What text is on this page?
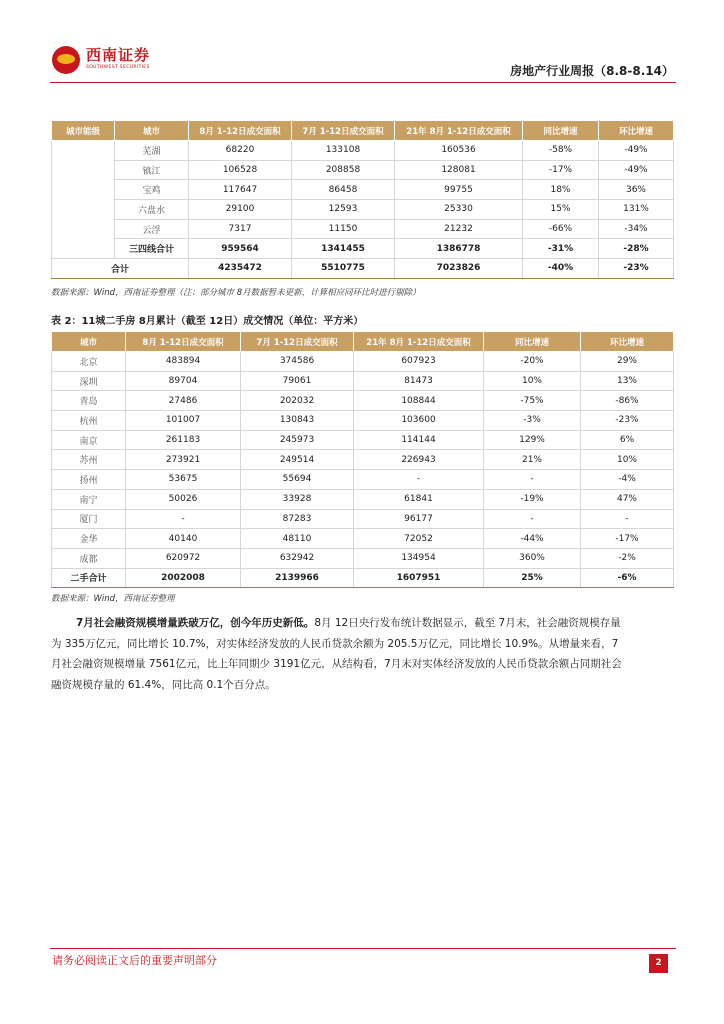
西南证券
SOUTHWEST SECURITIES	房地产行业周报（8.8-8.14）
城市能级	城市	8月 1-12日成交面积	7月 1-12日成交面积	21年 8月 1-12日成交面积	同比增速	环比增速
	芜湖	68220	133108	160536	-58%	-49%
	镇江	106528	208858	128081	-17%	-49%
	宝鸡	117647	86458	99755	18%	36%
	六盘水	29100	12593	25330	15%	131%
	云浮	7317	11150	21232	-66%	-34%
	三四线合计	959564	1341455	1386778	-31%	-28%
合计		4235472	5510775	7023826	-40%	-23%
数据来源：Wind，西南证券整理（注：部分城市 8月数据暂未更新，计算相应同环比时进行剔除）
表 2：11城二手房 8月累计（截至 12日）成交情况（单位：平方米）
城市	8月 1-12日成交面积	7月 1-12日成交面积	21年 8月 1-12日成交面积	同比增速	环比增速
北京	483894	374586	607923	-20%	29%
深圳	89704	79061	81473	10%	13%
青岛	27486	202032	108844	-75%	-86%
杭州	101007	130843	103600	-3%	-23%
南京	261183	245973	114144	129%	6%
苏州	273921	249514	226943	21%	10%
扬州	53675	55694	-	-	-4%
南宁	50026	33928	61841	-19%	47%
厦门	-	87283	96177	-	-
金华	40140	48110	72052	-44%	-17%
成都	620972	632942	134954	360%	-2%
二手合计	2002008	2139966	1607951	25%	-6%
数据来源：Wind，西南证券整理
7月社会融资规模增量跌破万亿，创今年历史新低。8月 12日央行发布统计数据显示，截至 7月末，社会融资规模存量为 335万亿元，同比增长 10.7%，对实体经济发放的人民币贷款余额为 205.5万亿元，同比增长 10.9%。从增量来看，7月社会融资规模增量 7561亿元，比上年同期少 3191亿元，从结构看，7月末对实体经济发放的人民币贷款余额占同期社会融资规模存量的 61.4%，同比高 0.1个百分点。
请务必阅读正文后的重要声明部分	2
